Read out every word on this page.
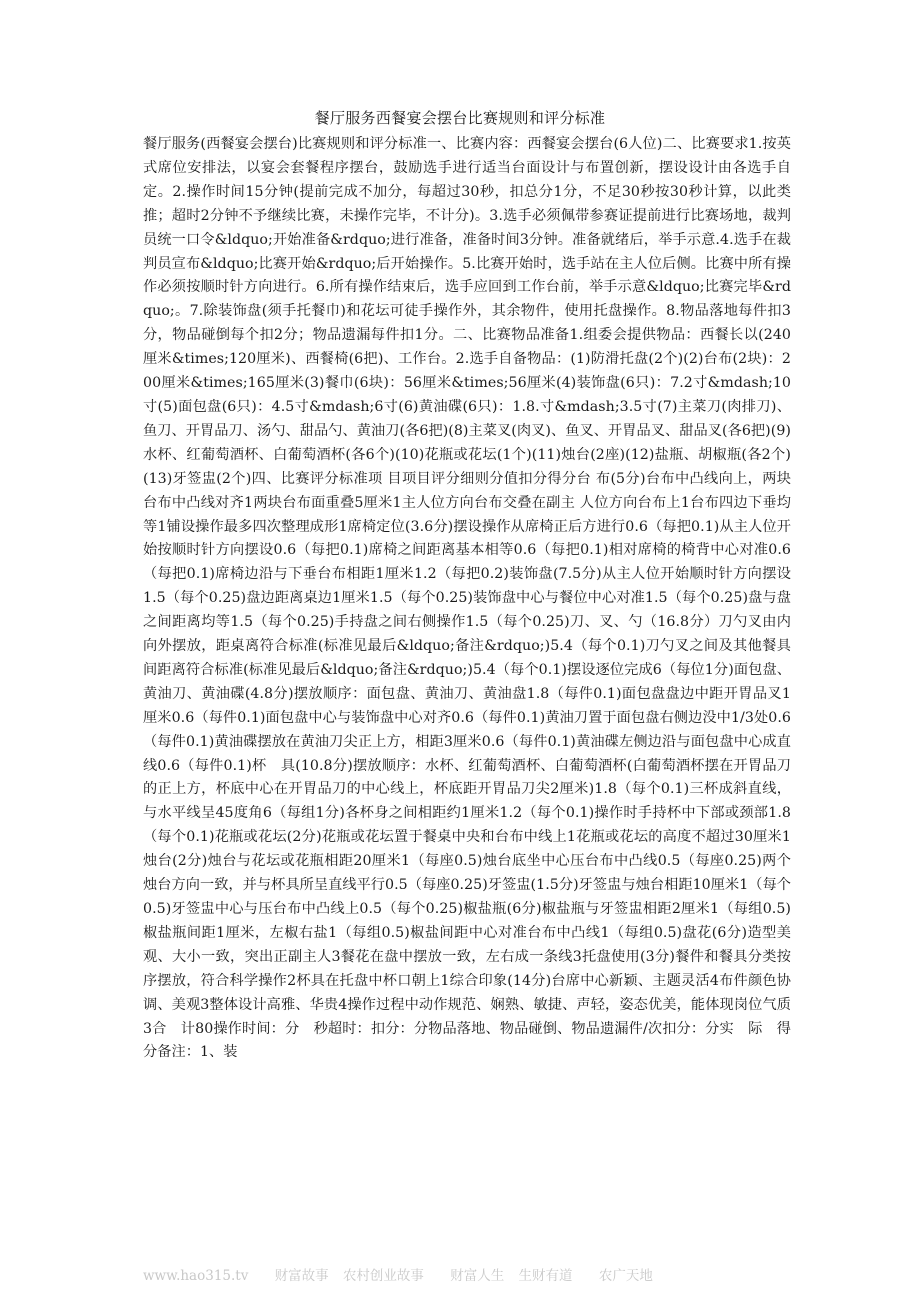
餐厅服务西餐宴会摆台比赛规则和评分标准
餐厅服务(西餐宴会摆台)比赛规则和评分标准一、比赛内容：西餐宴会摆台(6人位)二、比赛要求1.按英式席位安排法，以宴会套餐程序摆台，鼓励选手进行适当台面设计与布置创新，摆设设计由各选手自定。2.操作时间15分钟(提前完成不加分，每超过30秒，扣总分1分，不足30秒按30秒计算，以此类推；超时2分钟不予继续比赛，未操作完毕，不计分)。3.选手必须佩带参赛证提前进行比赛场地，裁判员统一口令&ldquo;开始准备&rdquo;进行准备，准备时间3分钟。准备就绪后，举手示意.4.选手在裁判员宣布&ldquo;比赛开始&rdquo;后开始操作。5.比赛开始时，选手站在主人位后侧。比赛中所有操作必须按顺时针方向进行。6.所有操作结束后，选手应回到工作台前，举手示意&ldquo;比赛完毕&rdquo;。7.除装饰盘(须手托餐巾)和花坛可徒手操作外，其余物件，使用托盘操作。8.物品落地每件扣3分，物品碰倒每个扣2分；物品遗漏每件扣1分。二、比赛物品准备1.组委会提供物品：西餐长以(240厘米&times;120厘米)、西餐椅(6把)、工作台。2.选手自备物品：(1)防滑托盘(2个)(2)台布(2块)：200厘米&times;165厘米(3)餐巾(6块)：56厘米&times;56厘米(4)装饰盘(6只)：7.2寸&mdash;10寸(5)面包盘(6只)：4.5寸&mdash;6寸(6)黄油碟(6只)：1.8.寸&mdash;3.5寸(7)主菜刀(肉排刀)、鱼刀、开胃品刀、汤勺、甜品勺、黄油刀(各6把)(8)主菜叉(肉叉)、鱼叉、开胃品叉、甜品叉(各6把)(9)水杯、红葡萄酒杯、白葡萄酒杯(各6个)(10)花瓶或花坛(1个)(11)烛台(2座)(12)盐瓶、胡椒瓶(各2个)(13)牙签盅(2个)四、比赛评分标准项 目项目评分细则分值扣分得分台 布(5分)台布中凸线向上，两块台布中凸线对齐1两块台布面重叠5厘米1主人位方向台布交叠在副主 人位方向台布上1台布四边下垂均等1铺设操作最多四次整理成形1席椅定位(3.6分)摆设操作从席椅正后方进行0.6（每把0.1)从主人位开始按顺时针方向摆设0.6（每把0.1)席椅之间距离基本相等0.6（每把0.1)相对席椅的椅背中心对准0.6（每把0.1)席椅边沿与下垂台布相距1厘米1.2（每把0.2)装饰盘(7.5分)从主人位开始顺时针方向摆设1.5（每个0.25)盘边距离桌边1厘米1.5（每个0.25)装饰盘中心与餐位中心对准1.5（每个0.25)盘与盘之间距离均等1.5（每个0.25)手持盘之间右侧操作1.5（每个0.25)刀、叉、勺（16.8分）刀勺叉由内向外摆放，距桌离符合标准(标准见最后&ldquo;备注&rdquo;)5.4（每个0.1)刀勺叉之间及其他餐具间距离符合标准(标准见最后&ldquo;备注&rdquo;)5.4（每个0.1)摆设逐位完成6（每位1分)面包盘、黄油刀、黄油碟(4.8分)摆放顺序：面包盘、黄油刀、黄油盘1.8（每件0.1)面包盘盘边中距开胃品叉1厘米0.6（每件0.1)面包盘中心与装饰盘中心对齐0.6（每件0.1)黄油刀置于面包盘右侧边没中1/3处0.6（每件0.1)黄油碟摆放在黄油刀尖正上方，相距3厘米0.6（每件0.1)黄油碟左侧边沿与面包盘中心成直线0.6（每件0.1)杯　具(10.8分)摆放顺序：水杯、红葡萄酒杯、白葡萄酒杯(白葡萄酒杯摆在开胃品刀的正上方，杯底中心在开胃品刀的中心线上，杯底距开胃品刀尖2厘米)1.8（每个0.1)三杯成斜直线，与水平线呈45度角6（每组1分)各杯身之间相距约1厘米1.2（每个0.1)操作时手持杯中下部或颈部1.8（每个0.1)花瓶或花坛(2分)花瓶或花坛置于餐桌中央和台布中线上1花瓶或花坛的高度不超过30厘米1烛台(2分)烛台与花坛或花瓶相距20厘米1（每座0.5)烛台底坐中心压台布中凸线0.5（每座0.25)两个烛台方向一致，并与杯具所呈直线平行0.5（每座0.25)牙签盅(1.5分)牙签盅与烛台相距10厘米1（每个0.5)牙签盅中心与压台布中凸线上0.5（每个0.25)椒盐瓶(6分)椒盐瓶与牙签盅相距2厘米1（每组0.5)椒盐瓶间距1厘米，左椒右盐1（每组0.5)椒盐间距中心对准台布中凸线1（每组0.5)盘花(6分)造型美观、大小一致，突出正副主人3餐花在盘中摆放一致，左右成一条线3托盘使用(3分)餐件和餐具分类按序摆放，符合科学操作2杯具在托盘中杯口朝上1综合印象(14分)台席中心新颖、主题灵活4布件颜色协调、美观3整体设计高雅、华贵4操作过程中动作规范、娴熟、敏捷、声轻，姿态优美，能体现岗位气质3合　计80操作时间：分　秒超时：扣分：分物品落地、物品碰倒、物品遗漏件/次扣分：分实　际　得　分备注：1、装
www.hao315.tv 财富故事 农村创业故事 财富人生 生财有道 农广天地
